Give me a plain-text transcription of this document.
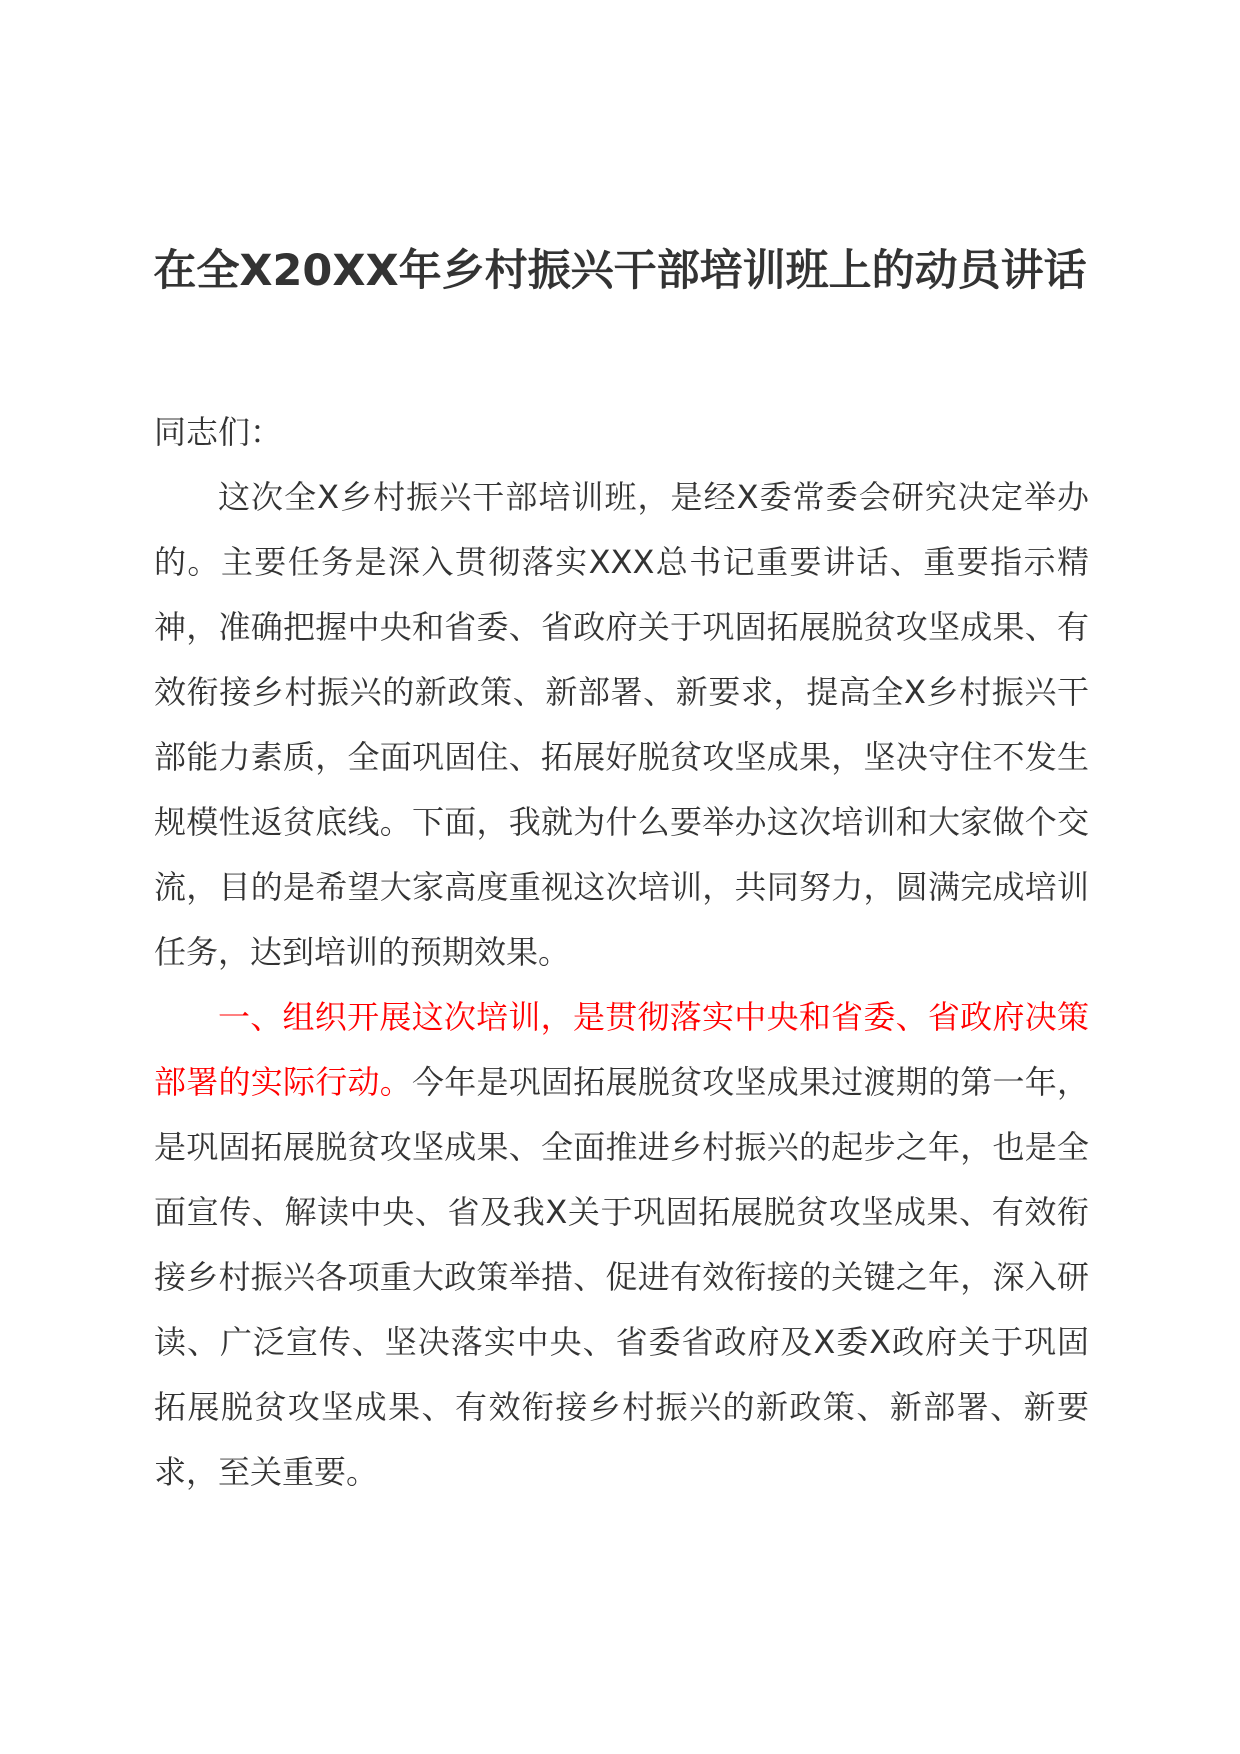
在全X20XX年乡村振兴干部培训班上的动员讲话

同志们：

这次全X乡村振兴干部培训班，是经X委常委会研究决定举办的。主要任务是深入贯彻落实XXX总书记重要讲话、重要指示精神，准确把握中央和省委、省政府关于巩固拓展脱贫攻坚成果、有效衔接乡村振兴的新政策、新部署、新要求，提高全X乡村振兴干部能力素质，全面巩固住、拓展好脱贫攻坚成果，坚决守住不发生规模性返贫底线。下面，我就为什么要举办这次培训和大家做个交流，目的是希望大家高度重视这次培训，共同努力，圆满完成培训任务，达到培训的预期效果。

一、组织开展这次培训，是贯彻落实中央和省委、省政府决策部署的实际行动。今年是巩固拓展脱贫攻坚成果过渡期的第一年，是巩固拓展脱贫攻坚成果、全面推进乡村振兴的起步之年，也是全面宣传、解读中央、省及我X关于巩固拓展脱贫攻坚成果、有效衔接乡村振兴各项重大政策举措、促进有效衔接的关键之年，深入研读、广泛宣传、坚决落实中央、省委省政府及X委X政府关于巩固拓展脱贫攻坚成果、有效衔接乡村振兴的新政策、新部署、新要求，至关重要。
